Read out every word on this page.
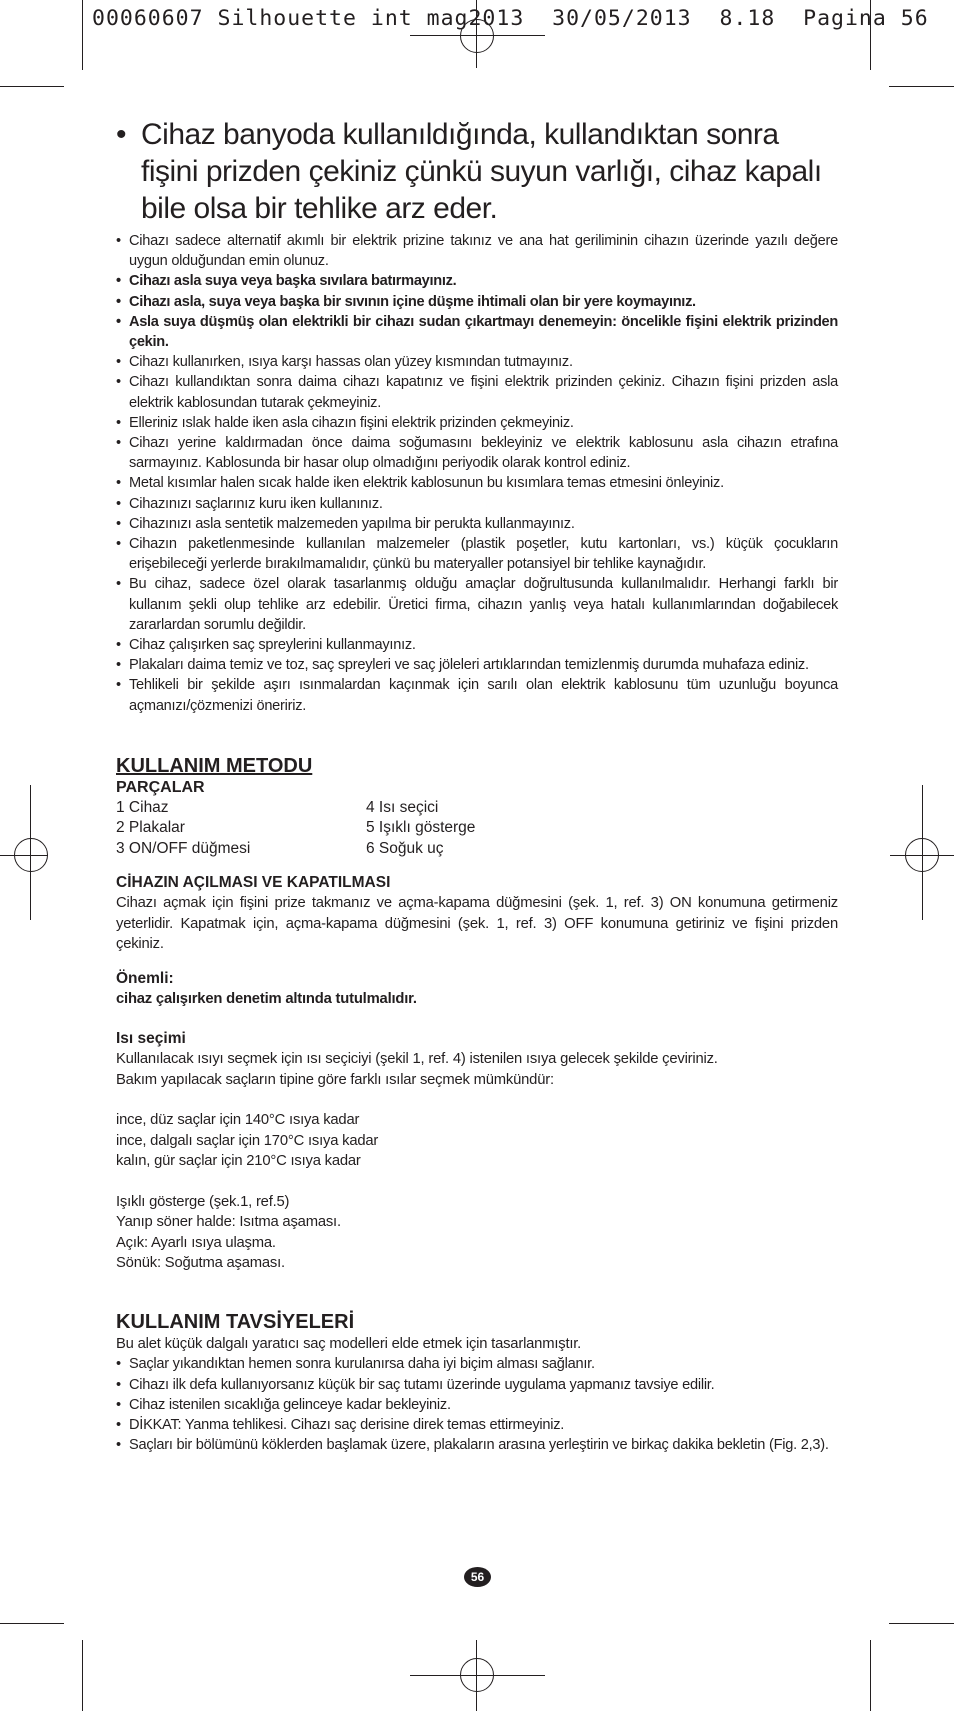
00060607 Silhouette int mag2013  30/05/2013  8.18  Pagina 56

• Cihaz banyoda kullanıldığında, kullandıktan sonra fişini prizden çekiniz çünkü suyun varlığı, cihaz kapalı bile olsa bir tehlike arz eder.

• Cihazı sadece alternatif akımlı bir elektrik prizine takınız ve ana hat geriliminin cihazın üzerinde yazılı değere uygun olduğundan emin olunuz.
• Cihazı asla suya veya başka sıvılara batırmayınız.
• Cihazı asla, suya veya başka bir sıvının içine düşme ihtimali olan bir yere koymayınız.
• Asla suya düşmüş olan elektrikli bir cihazı sudan çıkartmayı denemeyin: öncelikle fişini elektrik prizinden çekin.
• Cihazı kullanırken, ısıya karşı hassas olan yüzey kısmından tutmayınız.
• Cihazı kullandıktan sonra daima cihazı kapatınız ve fişini elektrik prizinden çekiniz. Cihazın fişini prizden asla elektrik kablosundan tutarak çekmeyiniz.
• Elleriniz ıslak halde iken asla cihazın fişini elektrik prizinden çekmeyiniz.
• Cihazı yerine kaldırmadan önce daima soğumasını bekleyiniz ve elektrik kablosunu asla cihazın etrafına sarmayınız. Kablosunda bir hasar olup olmadığını periyodik olarak kontrol ediniz.
• Metal kısımlar halen sıcak halde iken elektrik kablosunun bu kısımlara temas etmesini önleyiniz.
• Cihazınızı saçlarınız kuru iken kullanınız.
• Cihazınızı asla sentetik malzemeden yapılma bir perukta kullanmayınız.
• Cihazın paketlenmesinde kullanılan malzemeler (plastik poşetler, kutu kartonları, vs.) küçük çocukların erişebileceği yerlerde bırakılmamalıdır, çünkü bu materyaller potansiyel bir tehlike kaynağıdır.
• Bu cihaz, sadece özel olarak tasarlanmış olduğu amaçlar doğrultusunda kullanılmalıdır. Herhangi farklı bir kullanım şekli olup tehlike arz edebilir. Üretici firma, cihazın yanlış veya hatalı kullanımlarından doğabilecek zararlardan sorumlu değildir.
• Cihaz çalışırken saç spreylerini kullanmayınız.
• Plakaları daima temiz ve toz, saç spreyleri ve saç jöleleri artıklarından temizlenmiş durumda muhafaza ediniz.
• Tehlikeli bir şekilde aşırı ısınmalardan kaçınmak için sarılı olan elektrik kablosunu tüm uzunluğu boyunca açmanızı/çözmenizi öneririz.
KULLANIM METODU
PARÇALAR
1 Cihaz	4 Isı seçici
2 Plakalar	5 Işıklı gösterge
3 ON/OFF düğmesi	6 Soğuk uç
CİHAZIN AÇILMASI VE KAPATILMASI

Cihazı açmak için fişini prize takmanız ve açma-kapama düğmesini (şek. 1, ref. 3) ON konumuna getirmeniz yeterlidir. Kapatmak için, açma-kapama düğmesini (şek. 1, ref. 3) OFF konumuna getiriniz ve fişini prizden çekiniz.

Önemli:

cihaz çalışırken denetim altında tutulmalıdır.

Isı seçimi

Kullanılacak ısıyı seçmek için ısı seçiciyi (şekil 1, ref. 4) istenilen ısıya gelecek şekilde çeviriniz.

Bakım yapılacak saçların tipine göre farklı ısılar seçmek mümkündür:

ince, düz saçlar için 140°C ısıya kadar

ince, dalgalı saçlar için 170°C ısıya kadar

kalın, gür saçlar için 210°C ısıya kadar

Işıklı gösterge (şek.1, ref.5)

Yanıp söner halde: Isıtma aşaması.

Açık: Ayarlı ısıya ulaşma.

Sönük: Soğutma aşaması.

KULLANIM TAVSİYELERİ

Bu alet küçük dalgalı yaratıcı saç modelleri elde etmek için tasarlanmıştır.

• Saçlar yıkandıktan hemen sonra kurulanırsa daha iyi biçim alması sağlanır.
• Cihazı ilk defa kullanıyorsanız küçük bir saç tutamı üzerinde uygulama yapmanız tavsiye edilir.
• Cihaz istenilen sıcaklığa gelinceye kadar bekleyiniz.
• DİKKAT: Yanma tehlikesi. Cihazı saç derisine direk temas ettirmeyiniz.
• Saçları bir bölümünü köklerden başlamak üzere, plakaların arasına yerleştirin ve birkaç dakika bekletin (Fig. 2,3).
56
